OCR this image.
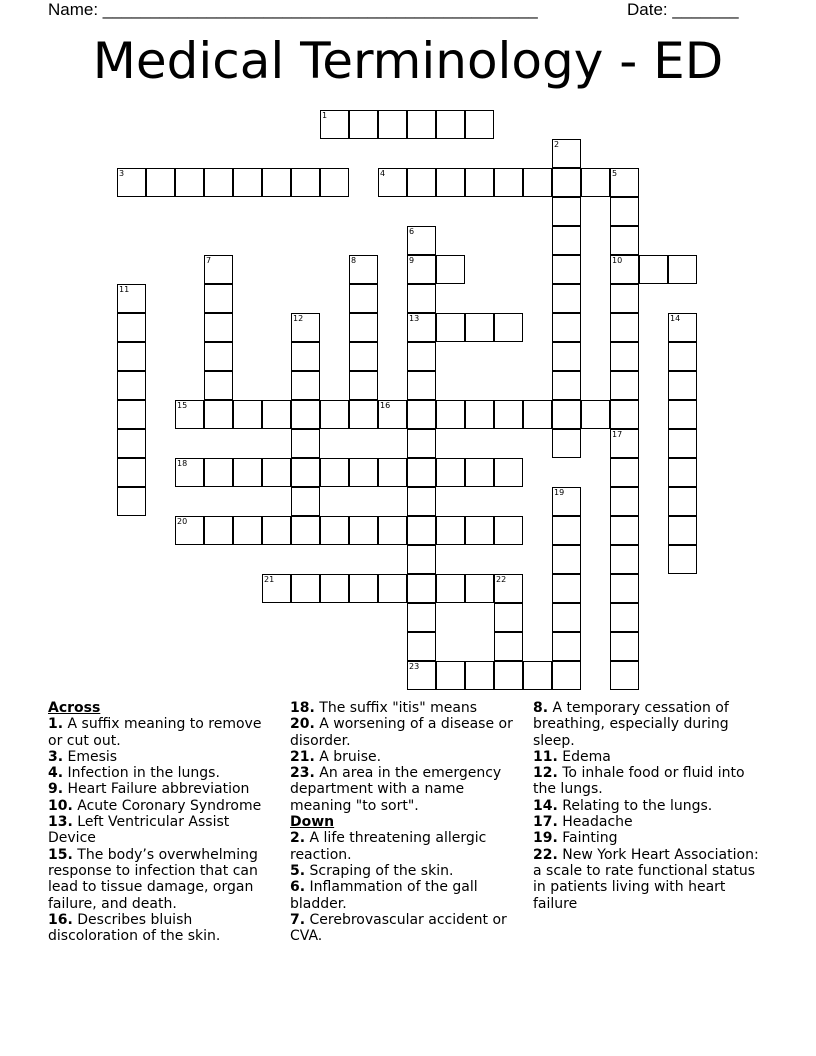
Name: ______________________________________________	Date: _______
Medical Terminology - ED
1
2
3	4	5
10
6
9
13
23
7	8
11
12	14
15	16
17
18
19
20
21	22

Across

1. A suffix meaning to remove or cut out.

3. Emesis

4. Infection in the lungs.

9. Heart Failure abbreviation

10. Acute Coronary Syndrome

13. Left Ventricular Assist Device

15. The body’s overwhelming response to infection that can lead to tissue damage, organ failure, and death.

16. Describes bluish discoloration of the skin.

18. The suffix "itis" means

20. A worsening of a disease or disorder.

21. A bruise.

23. An area in the emergency department with a name meaning "to sort".

Down

2. A life threatening allergic reaction.

5. Scraping of the skin.

6. Inflammation of the gall bladder.

7. Cerebrovascular accident or CVA.

8. A temporary cessation of breathing, especially during sleep.

11. Edema

12. To inhale food or fluid into the lungs.

14. Relating to the lungs.

17. Headache

19. Fainting

22. New York Heart Association: a scale to rate functional status in patients living with heart failure
